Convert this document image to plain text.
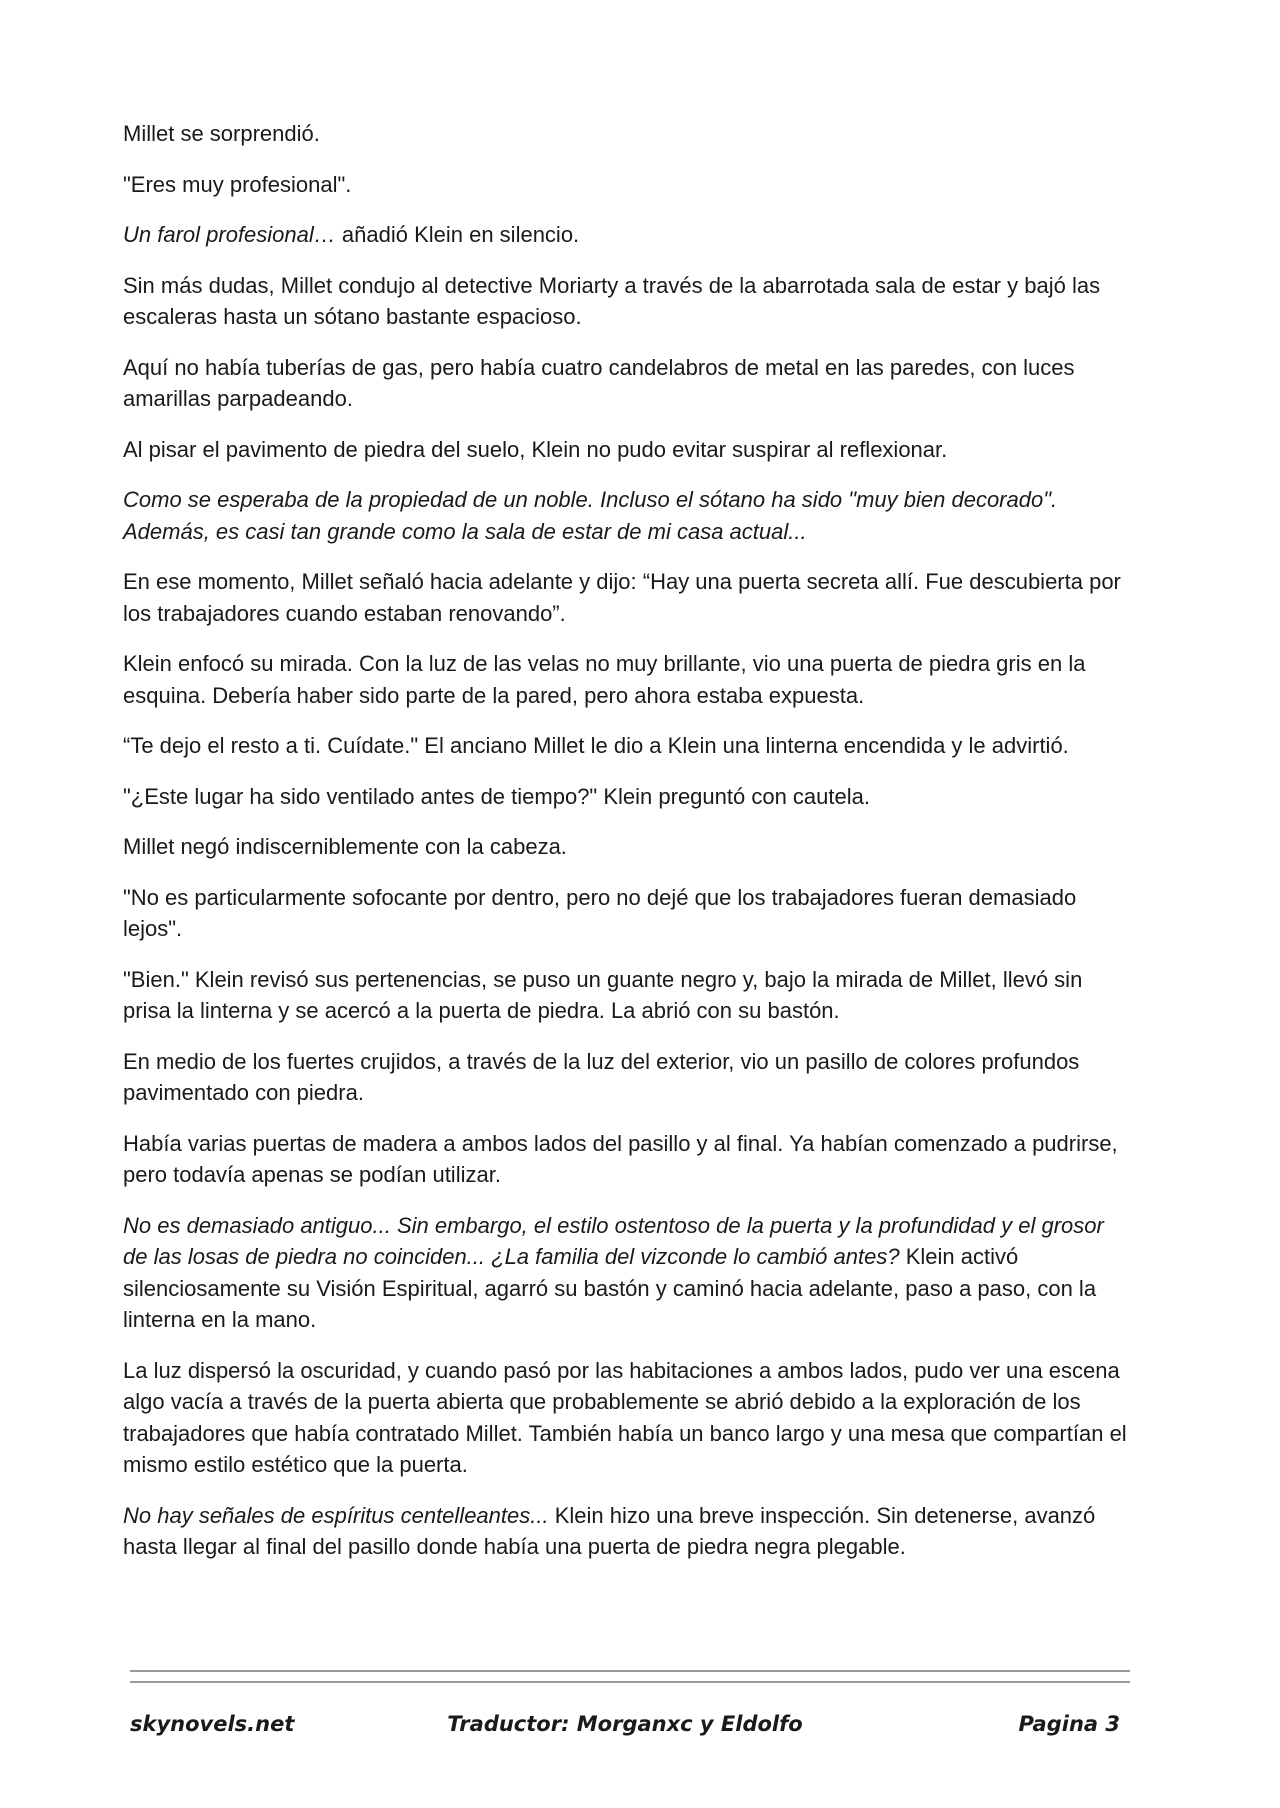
Millet se sorprendió.

"Eres muy profesional".

Un farol profesional… añadió Klein en silencio.

Sin más dudas, Millet condujo al detective Moriarty a través de la abarrotada sala de estar y bajó las escaleras hasta un sótano bastante espacioso.

Aquí no había tuberías de gas, pero había cuatro candelabros de metal en las paredes, con luces amarillas parpadeando.

Al pisar el pavimento de piedra del suelo, Klein no pudo evitar suspirar al reflexionar.

Como se esperaba de la propiedad de un noble. Incluso el sótano ha sido "muy bien decorado". Además, es casi tan grande como la sala de estar de mi casa actual...

En ese momento, Millet señaló hacia adelante y dijo: “Hay una puerta secreta allí. Fue descubierta por los trabajadores cuando estaban renovando”.

Klein enfocó su mirada. Con la luz de las velas no muy brillante, vio una puerta de piedra gris en la esquina. Debería haber sido parte de la pared, pero ahora estaba expuesta.

“Te dejo el resto a ti. Cuídate." El anciano Millet le dio a Klein una linterna encendida y le advirtió.

"¿Este lugar ha sido ventilado antes de tiempo?" Klein preguntó con cautela.

Millet negó indiscerniblemente con la cabeza.

"No es particularmente sofocante por dentro, pero no dejé que los trabajadores fueran demasiado lejos".

"Bien." Klein revisó sus pertenencias, se puso un guante negro y, bajo la mirada de Millet, llevó sin prisa la linterna y se acercó a la puerta de piedra. La abrió con su bastón.

En medio de los fuertes crujidos, a través de la luz del exterior, vio un pasillo de colores profundos pavimentado con piedra.

Había varias puertas de madera a ambos lados del pasillo y al final. Ya habían comenzado a pudrirse, pero todavía apenas se podían utilizar.

No es demasiado antiguo... Sin embargo, el estilo ostentoso de la puerta y la profundidad y el grosor de las losas de piedra no coinciden... ¿La familia del vizconde lo cambió antes? Klein activó silenciosamente su Visión Espiritual, agarró su bastón y caminó hacia adelante, paso a paso, con la linterna en la mano.

La luz dispersó la oscuridad, y cuando pasó por las habitaciones a ambos lados, pudo ver una escena algo vacía a través de la puerta abierta que probablemente se abrió debido a la exploración de los trabajadores que había contratado Millet. También había un banco largo y una mesa que compartían el mismo estilo estético que la puerta.

No hay señales de espíritus centelleantes... Klein hizo una breve inspección. Sin detenerse, avanzó hasta llegar al final del pasillo donde había una puerta de piedra negra plegable.

skynovels.net	Traductor: Morganxc y Eldolfo	Pagina 3
